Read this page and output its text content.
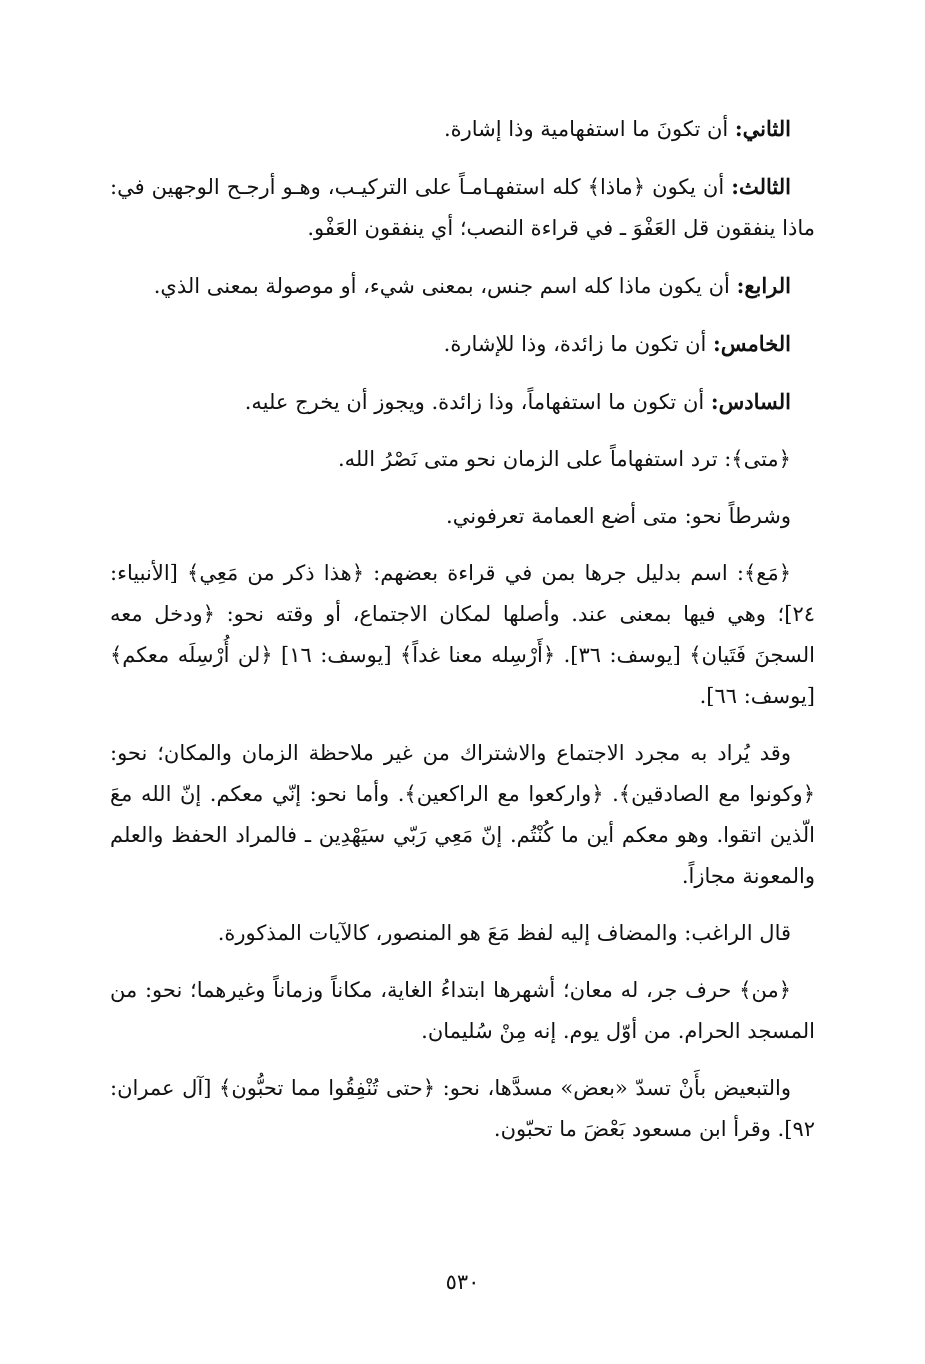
الثاني: أن تكونَ ما استفهامية وذا إشارة.

الثالث: أن يكون ﴿ماذا﴾ كله استفهـامـاً على التركيـب، وهـو أرجـح الوجهين في: ماذا ينفقون قل العَفْوَ ـ في قراءة النصب؛ أي ينفقون العَفْو.

الرابع: أن يكون ماذا كله اسم جنس، بمعنى شيء، أو موصولة بمعنى الذي.

الخامس: أن تكون ما زائدة، وذا للإشارة.

السادس: أن تكون ما استفهاماً، وذا زائدة. ويجوز أن يخرج عليه.

﴿متى﴾: ترد استفهاماً على الزمان نحو متى نَصْرُ الله.

وشرطاً نحو: متى أضع العمامة تعرفوني.

﴿مَع﴾: اسم بدليل جرها بمن في قراءة بعضهم: ﴿هذا ذكر من مَعِي﴾ [الأنبياء: ٢٤]؛ وهي فيها بمعنى عند. وأصلها لمكان الاجتماع، أو وقته نحو: ﴿ودخل معه السجنَ فَتَيان﴾ [يوسف: ٣٦]. ﴿أَرْسِله معنا غداً﴾ [يوسف: ١٦] ﴿لن أُرْسِلَه معكم﴾ [يوسف: ٦٦].

وقد يُراد به مجرد الاجتماع والاشتراك من غير ملاحظة الزمان والمكان؛ نحو: ﴿وكونوا مع الصادقين﴾. ﴿واركعوا مع الراكعين﴾. وأما نحو: إنّي معكم. إنّ الله معَ الّذين اتقوا. وهو معكم أين ما كُنْتُم. إنّ مَعِي رَبّي سيَهْدِين ـ فالمراد الحفظ والعلم والمعونة مجازاً.

قال الراغب: والمضاف إليه لفظ مَعَ هو المنصور، كالآيات المذكورة.

﴿من﴾ حرف جر، له معان؛ أشهرها ابتداءُ الغاية، مكاناً وزماناً وغيرهما؛ نحو: من المسجد الحرام. من أوّل يوم. إنه مِنْ سُليمان.

والتبعيض بأَنْ تسدّ «بعض» مسدَّها، نحو: ﴿حتى تُنْفِقُوا مما تحبُّون﴾ [آل عمران: ٩٢]. وقرأ ابن مسعود بَعْضَ ما تحبّون.

٥٣٠
